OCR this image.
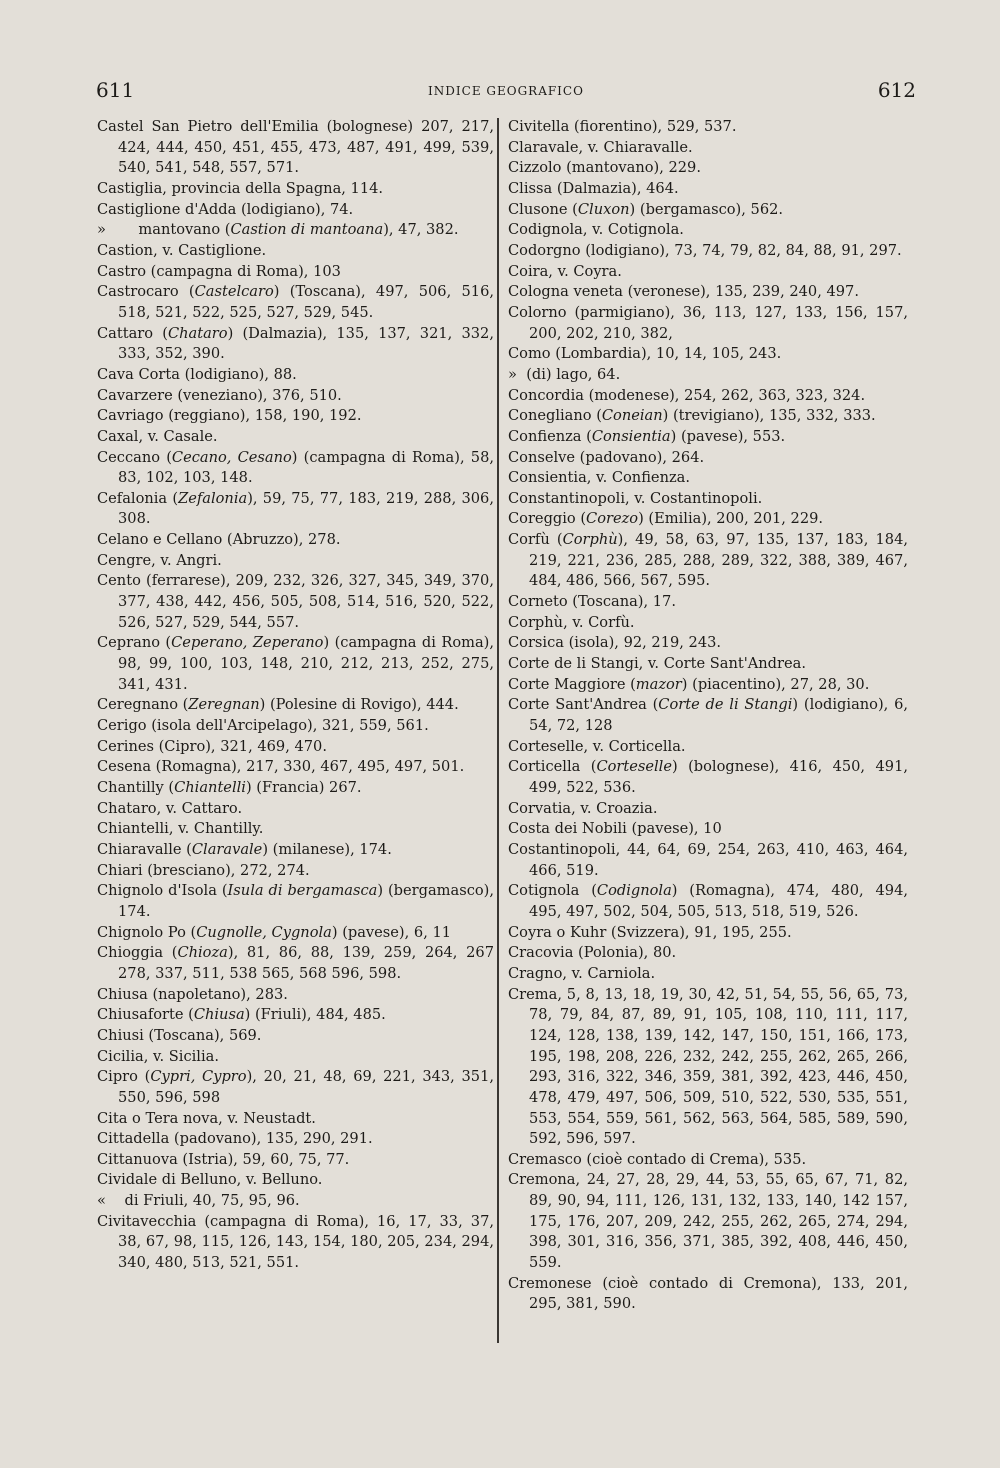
611	INDICE GEOGRAFICO	612
Castel San Pietro dell'Emilia (bolognese) 207, 217, 424, 444, 450, 451, 455, 473, 487, 491, 499, 539, 540, 541, 548, 557, 571.
Castiglia, provincia della Spagna, 114.
Castiglione d'Adda (lodigiano), 74.
»       mantovano (Castion di mantoana), 47, 382.
Castion, v. Castiglione.
Castro (campagna di Roma), 103
Castrocaro (Castelcaro) (Toscana), 497, 506, 516, 518, 521, 522, 525, 527, 529, 545.
Cattaro (Chataro) (Dalmazia), 135, 137, 321, 332, 333, 352, 390.
Cava Corta (lodigiano), 88.
Cavarzere (veneziano), 376, 510.
Cavriago (reggiano), 158, 190, 192.
Caxal, v. Casale.
Ceccano (Cecano, Cesano) (campagna di Roma), 58, 83, 102, 103, 148.
Cefalonia (Zefalonia), 59, 75, 77, 183, 219, 288, 306, 308.
Celano e Cellano (Abruzzo), 278.
Cengre, v. Angri.
Cento (ferrarese), 209, 232, 326, 327, 345, 349, 370, 377, 438, 442, 456, 505, 508, 514, 516, 520, 522, 526, 527, 529, 544, 557.
Ceprano (Ceperano, Zeperano) (campagna di Roma), 98, 99, 100, 103, 148, 210, 212, 213, 252, 275, 341, 431.
Ceregnano (Zeregnan) (Polesine di Rovigo), 444.
Cerigo (isola dell'Arcipelago), 321, 559, 561.
Cerines (Cipro), 321, 469, 470.
Cesena (Romagna), 217, 330, 467, 495, 497, 501.
Chantilly (Chiantelli) (Francia) 267.
Chataro, v. Cattaro.
Chiantelli, v. Chantilly.
Chiaravalle (Claravale) (milanese), 174.
Chiari (bresciano), 272, 274.
Chignolo d'Isola (Isula di bergamasca) (bergamasco), 174.
Chignolo Po (Cugnolle, Cygnola) (pavese), 6, 11
Chioggia (Chioza), 81, 86, 88, 139, 259, 264, 267 278, 337, 511, 538 565, 568 596, 598.
Chiusa (napoletano), 283.
Chiusaforte (Chiusa) (Friuli), 484, 485.
Chiusi (Toscana), 569.
Cicilia, v. Sicilia.
Cipro (Cypri, Cypro), 20, 21, 48, 69, 221, 343, 351, 550, 596, 598
Cita o Tera nova, v. Neustadt.
Cittadella (padovano), 135, 290, 291.
Cittanuova (Istria), 59, 60, 75, 77.
Cividale di Belluno, v. Belluno.
«    di Friuli, 40, 75, 95, 96.
Civitavecchia (campagna di Roma), 16, 17, 33, 37, 38, 67, 98, 115, 126, 143, 154, 180, 205, 234, 294, 340, 480, 513, 521, 551.
Civitella (fiorentino), 529, 537.
Claravale, v. Chiaravalle.
Cizzolo (mantovano), 229.
Clissa (Dalmazia), 464.
Clusone (Cluxon) (bergamasco), 562.
Codignola, v. Cotignola.
Codorgno (lodigiano), 73, 74, 79, 82, 84, 88, 91, 297.
Coira, v. Coyra.
Cologna veneta (veronese), 135, 239, 240, 497.
Colorno (parmigiano), 36, 113, 127, 133, 156, 157, 200, 202, 210, 382,
Como (Lombardia), 10, 14, 105, 243.
»  (di) lago, 64.
Concordia (modenese), 254, 262, 363, 323, 324.
Conegliano (Coneian) (trevigiano), 135, 332, 333.
Confienza (Consientia) (pavese), 553.
Conselve (padovano), 264.
Consientia, v. Confienza.
Constantinopoli, v. Costantinopoli.
Coreggio (Corezo) (Emilia), 200, 201, 229.
Corfù (Corphù), 49, 58, 63, 97, 135, 137, 183, 184, 219, 221, 236, 285, 288, 289, 322, 388, 389, 467, 484, 486, 566, 567, 595.
Corneto (Toscana), 17.
Corphù, v. Corfù.
Corsica (isola), 92, 219, 243.
Corte de li Stangi, v. Corte Sant'Andrea.
Corte Maggiore (mazor) (piacentino), 27, 28, 30.
Corte Sant'Andrea (Corte de li Stangi) (lodigiano), 6, 54, 72, 128
Corteselle, v. Corticella.
Corticella (Corteselle) (bolognese), 416, 450, 491, 499, 522, 536.
Corvatia, v. Croazia.
Costa dei Nobili (pavese), 10
Costantinopoli, 44, 64, 69, 254, 263, 410, 463, 464, 466, 519.
Cotignola (Codignola) (Romagna), 474, 480, 494, 495, 497, 502, 504, 505, 513, 518, 519, 526.
Coyra o Kuhr (Svizzera), 91, 195, 255.
Cracovia (Polonia), 80.
Cragno, v. Carniola.
Crema, 5, 8, 13, 18, 19, 30, 42, 51, 54, 55, 56, 65, 73, 78, 79, 84, 87, 89, 91, 105, 108, 110, 111, 117, 124, 128, 138, 139, 142, 147, 150, 151, 166, 173, 195, 198, 208, 226, 232, 242, 255, 262, 265, 266, 293, 316, 322, 346, 359, 381, 392, 423, 446, 450, 478, 479, 497, 506, 509, 510, 522, 530, 535, 551, 553, 554, 559, 561, 562, 563, 564, 585, 589, 590, 592, 596, 597.
Cremasco (cioè contado di Crema), 535.
Cremona, 24, 27, 28, 29, 44, 53, 55, 65, 67, 71, 82, 89, 90, 94, 111, 126, 131, 132, 133, 140, 142 157, 175, 176, 207, 209, 242, 255, 262, 265, 274, 294, 398, 301, 316, 356, 371, 385, 392, 408, 446, 450, 559.
Cremonese (cioè contado di Cremona), 133, 201, 295, 381, 590.
